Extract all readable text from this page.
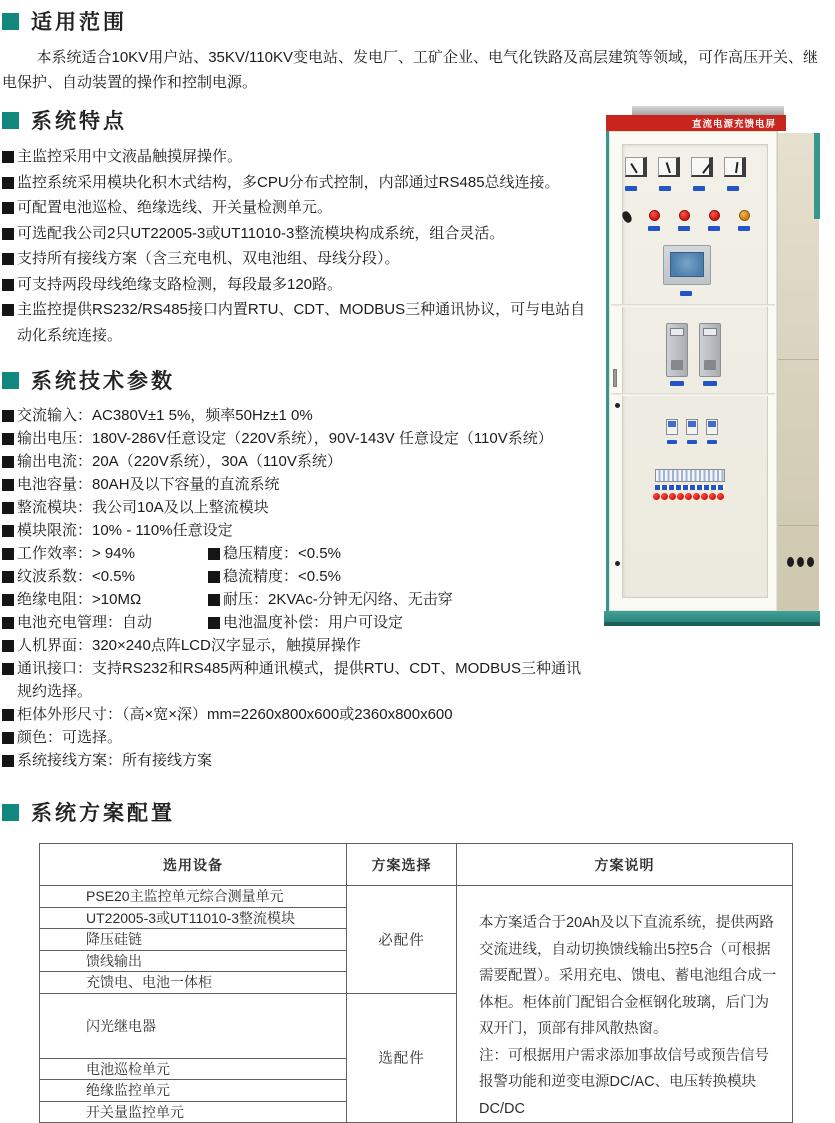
适用范围

本系统适合10KV用户站、35KV/110KV变电站、发电厂、工矿企业、电气化铁路及高层建筑等领域，可作高压开关、继电保护、自动装置的操作和控制电源。

系统特点
主监控采用中文液晶触摸屏操作。
监控系统采用模块化积木式结构，多CPU分布式控制，内部通过RS485总线连接。
可配置电池巡检、绝缘选线、开关量检测单元。
可选配我公司2只UT22005-3或UT11010-3整流模块构成系统，组合灵活。
支持所有接线方案（含三充电机、双电池组、母线分段）。
可支持两段母线绝缘支路检测，每段最多120路。
主监控提供RS232/RS485接口内置RTU、CDT、MODBUS三种通讯协议，可与电站自动化系统连接。
系统技术参数
交流输入：AC380V±1 5%，频率50Hz±1 0%
输出电压：180V-286V任意设定（220V系统），90V-143V 任意设定（110V系统）
输出电流：20A（220V系统），30A（110V系统）
电池容量：80AH及以下容量的直流系统
整流模块：我公司10A及以上整流模块
模块限流：10% - 110%任意设定
工作效率：> 94%	稳压精度：<0.5%
纹波系数：<0.5%	稳流精度：<0.5%
绝缘电阻：>10MΩ	耐压：2KVAc-分钟无闪络、无击穿
电池充电管理：自动	电池温度补偿：用户可设定
人机界面：320×240点阵LCD汉字显示，触摸屏操作
通讯接口：支持RS232和RS485两种通讯模式，提供RTU、CDT、MODBUS三种通讯规约选择。
柜体外形尺寸：（高×宽×深）mm=2260x800x600或2360x800x600
颜色：可选择。
系统接线方案：所有接线方案
直流电源充馈电屏
系统方案配置
选用设备	方案选择	方案说明
PSE20主监控单元综合测量单元	必配件	本方案适合于20Ah及以下直流系统，提供两路交流进线，自动切换馈线输出5控5合（可根据需要配置）。采用充电、馈电、蓄电池组合成一体柜。柜体前门配铝合金框钢化玻璃，后门为双开门，顶部有排风散热窗。

注：可根据用户需求添加事故信号或预告信号报警功能和逆变电源DC/AC、电压转换模块DC/DC

UT22005-3或UT11010-3整流模块		
降压硅链		
馈线输出		
充馈电、电池一体柜		
闪光继电器	选配件	
电池巡检单元		
绝缘监控单元		
开关量监控单元		
